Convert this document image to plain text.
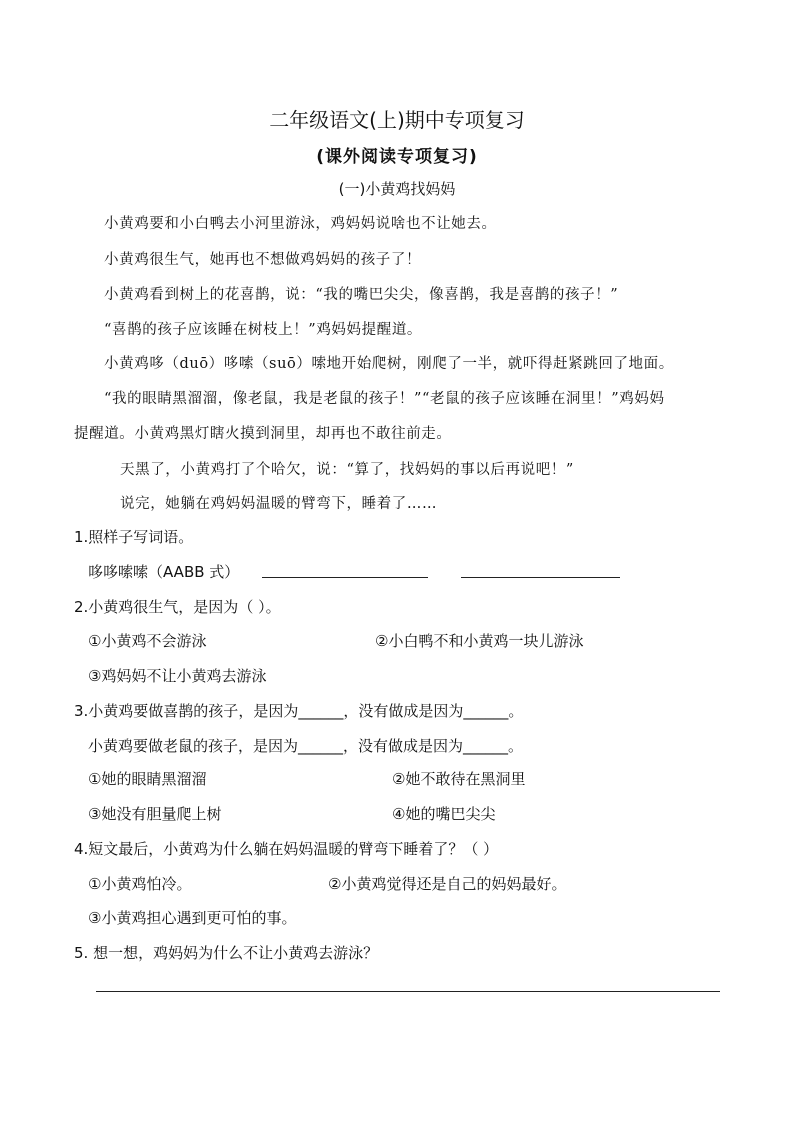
二年级语文(上)期中专项复习
(课外阅读专项复习)
(一)小黄鸡找妈妈
小黄鸡要和小白鸭去小河里游泳，鸡妈妈说啥也不让她去。
小黄鸡很生气，她再也不想做鸡妈妈的孩子了！
小黄鸡看到树上的花喜鹊，说：“我的嘴巴尖尖，像喜鹊，我是喜鹊的孩子！”
“喜鹊的孩子应该睡在树枝上！”鸡妈妈提醒道。
小黄鸡哆（duō）哆嗦（suō）嗦地开始爬树，刚爬了一半，就吓得赶紧跳回了地面。
“我的眼睛黑溜溜，像老鼠，我是老鼠的孩子！”“老鼠的孩子应该睡在洞里！”鸡妈妈
提醒道。小黄鸡黑灯瞎火摸到洞里，却再也不敢往前走。
天黑了，小黄鸡打了个哈欠，说：“算了，找妈妈的事以后再说吧！”
说完，她躺在鸡妈妈温暖的臂弯下，睡着了……
1.照样子写词语。
哆哆嗦嗦（AABB 式）
2.小黄鸡很生气，是因为（ ）。
①小黄鸡不会游泳	②小白鸭不和小黄鸡一块儿游泳
③鸡妈妈不让小黄鸡去游泳
3.小黄鸡要做喜鹊的孩子，是因为______，没有做成是因为______。
小黄鸡要做老鼠的孩子，是因为______，没有做成是因为______。
①她的眼睛黑溜溜	②她不敢待在黑洞里
③她没有胆量爬上树	④她的嘴巴尖尖
4.短文最后，小黄鸡为什么躺在妈妈温暖的臂弯下睡着了？（ ）
①小黄鸡怕冷。	②小黄鸡觉得还是自己的妈妈最好。
③小黄鸡担心遇到更可怕的事。
5. 想一想，鸡妈妈为什么不让小黄鸡去游泳？
